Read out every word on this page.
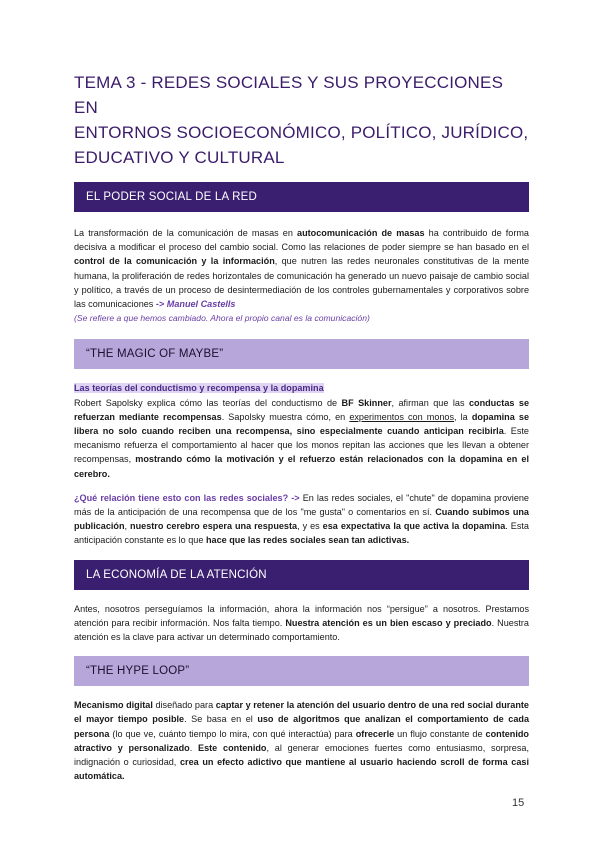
TEMA 3 - REDES SOCIALES Y SUS PROYECCIONES EN
ENTORNOS SOCIOECONÓMICO, POLÍTICO, JURÍDICO,
EDUCATIVO Y CULTURAL
EL PODER SOCIAL DE LA RED

La transformación de la comunicación de masas en autocomunicación de masas ha contribuido de forma decisiva a modificar el proceso del cambio social. Como las relaciones de poder siempre se han basado en el control de la comunicación y la información, que nutren las redes neuronales constitutivas de la mente humana, la proliferación de redes horizontales de comunicación ha generado un nuevo paisaje de cambio social y político, a través de un proceso de desintermediación de los controles gubernamentales y corporativos sobre las comunicaciones -> Manuel Castells
(Se refiere a que hemos cambiado. Ahora el propio canal es la comunicación)

“THE MAGIC OF MAYBE”

Las teorías del conductismo y recompensa y la dopamina

Robert Sapolsky explica cómo las teorías del conductismo de BF Skinner, afirman que las conductas se refuerzan mediante recompensas. Sapolsky muestra cómo, en experimentos con monos, la dopamina se libera no solo cuando reciben una recompensa, sino especialmente cuando anticipan recibirla. Este mecanismo refuerza el comportamiento al hacer que los monos repitan las acciones que les llevan a obtener recompensas, mostrando cómo la motivación y el refuerzo están relacionados con la dopamina en el cerebro.

¿Qué relación tiene esto con las redes sociales? -> En las redes sociales, el "chute" de dopamina proviene más de la anticipación de una recompensa que de los "me gusta" o comentarios en sí. Cuando subimos una publicación, nuestro cerebro espera una respuesta, y es esa expectativa la que activa la dopamina. Esta anticipación constante es lo que hace que las redes sociales sean tan adictivas.

LA ECONOMÍA DE LA ATENCIÓN

Antes, nosotros perseguíamos la información, ahora la información nos “persigue” a nosotros. Prestamos atención para recibir información. Nos falta tiempo. Nuestra atención es un bien escaso y preciado. Nuestra atención es la clave para activar un determinado comportamiento.

“THE HYPE LOOP”

Mecanismo digital diseñado para captar y retener la atención del usuario dentro de una red social durante el mayor tiempo posible. Se basa en el uso de algoritmos que analizan el comportamiento de cada persona (lo que ve, cuánto tiempo lo mira, con qué interactúa) para ofrecerle un flujo constante de contenido atractivo y personalizado. Este contenido, al generar emociones fuertes como entusiasmo, sorpresa, indignación o curiosidad, crea un efecto adictivo que mantiene al usuario haciendo scroll de forma casi automática.

15
